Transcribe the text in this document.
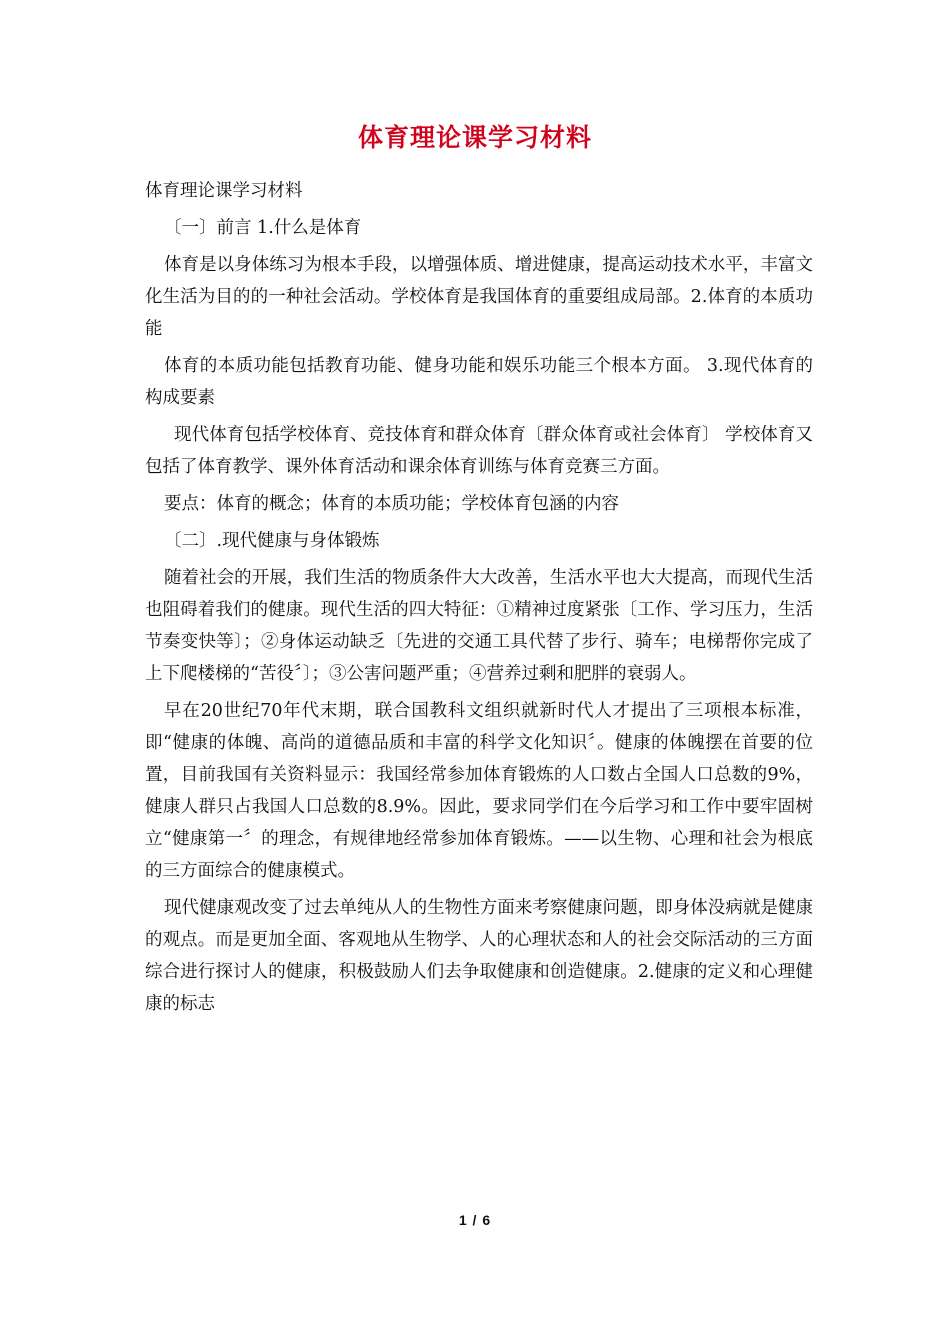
体育理论课学习材料

体育理论课学习材料

〔一〕前言 1.什么是体育

体育是以身体练习为根本手段，以增强体质、增进健康，提高运动技术水平，丰富文化生活为目的的一种社会活动。学校体育是我国体育的重要组成局部。2.体育的本质功能

体育的本质功能包括教育功能、健身功能和娱乐功能三个根本方面。 3.现代体育的构成要素

现代体育包括学校体育、竞技体育和群众体育〔群众体育或社会体育〕 学校体育又包括了体育教学、课外体育活动和课余体育训练与体育竞赛三方面。

要点：体育的概念；体育的本质功能；学校体育包涵的内容

〔二〕.现代健康与身体锻炼

随着社会的开展，我们生活的物质条件大大改善，生活水平也大大提高，而现代生活也阻碍着我们的健康。现代生活的四大特征：①精神过度紧张〔工作、学习压力，生活节奏变快等〕；②身体运动缺乏〔先进的交通工具代替了步行、骑车；电梯帮你完成了上下爬楼梯的“苦役〞〕；③公害问题严重；④营养过剩和肥胖的衰弱人。

早在20世纪70年代末期，联合国教科文组织就新时代人才提出了三项根本标准，即“健康的体魄、高尚的道德品质和丰富的科学文化知识〞。健康的体魄摆在首要的位置，目前我国有关资料显示：我国经常参加体育锻炼的人口数占全国人口总数的9%，健康人群只占我国人口总数的8.9%。因此，要求同学们在今后学习和工作中要牢固树立“健康第一〞的理念，有规律地经常参加体育锻炼。——以生物、心理和社会为根底的三方面综合的健康模式。

现代健康观改变了过去单纯从人的生物性方面来考察健康问题，即身体没病就是健康的观点。而是更加全面、客观地从生物学、人的心理状态和人的社会交际活动的三方面综合进行探讨人的健康，积极鼓励人们去争取健康和创造健康。2.健康的定义和心理健康的标志

1 / 6
